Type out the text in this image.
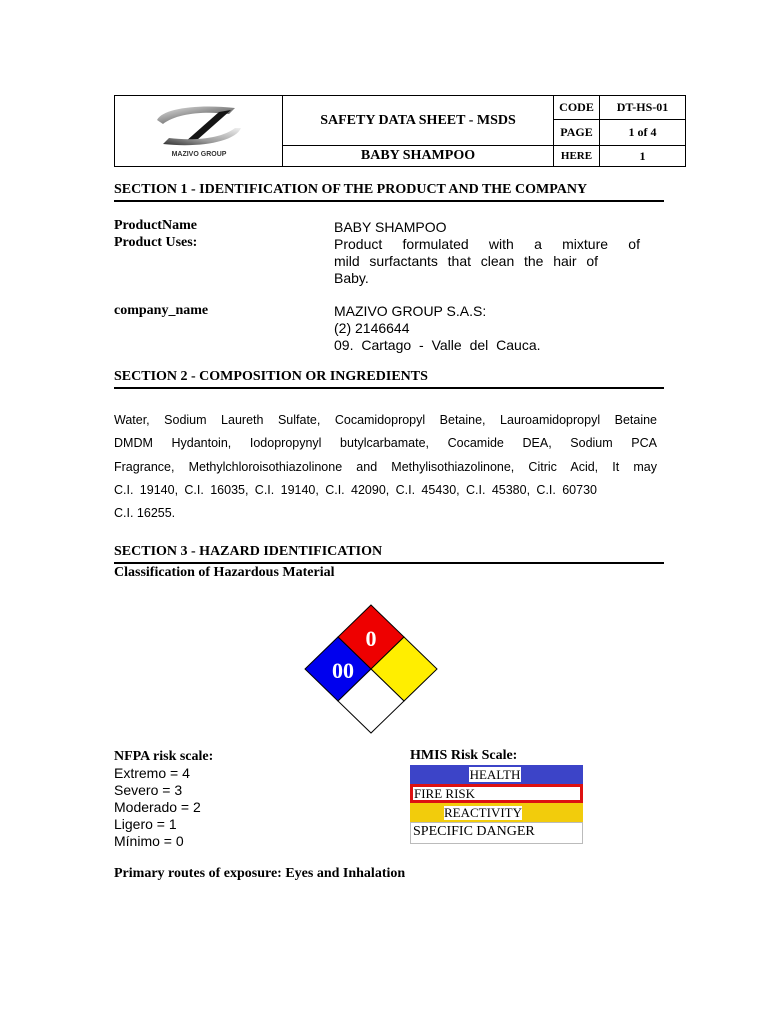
MAZIVO GROUP	SAFETY DATA SHEET - MSDS	CODE	DT-HS-01
		PAGE	1 of 4
	BABY SHAMPOO	HERE	1
SECTION 1 - IDENTIFICATION OF THE PRODUCT AND THE COMPANY
ProductName	BABY SHAMPOO
Product Uses:	Product formulated with a mixture of
mild surfactants that clean the hair of
Baby.
company_name	MAZIVO GROUP S.A.S:
(2) 2146644
09. Cartago - Valle del Cauca.
SECTION 2 - COMPOSITION OR INGREDIENTS
Water, Sodium Laureth Sulfate, Cocamidopropyl Betaine, Lauroamidopropyl Betaine
DMDM Hydantoin, Iodopropynyl butylcarbamate, Cocamide DEA, Sodium PCA
Fragrance, Methylchloroisothiazolinone and Methylisothiazolinone, Citric Acid, It may
C.I. 19140, C.I. 16035, C.I. 19140, C.I. 42090, C.I. 45430, C.I. 45380, C.I. 60730
C.I. 16255.
SECTION 3 - HAZARD IDENTIFICATION
Classification of Hazardous Material
0
00
NFPA risk scale:
Extremo = 4
Severo = 3
Moderado = 2
Ligero = 1
Mínimo = 0
HMIS Risk Scale:
HEALTH
FIRE RISK
REACTIVITY
SPECIFIC DANGER
Primary routes of exposure: Eyes and Inhalation
